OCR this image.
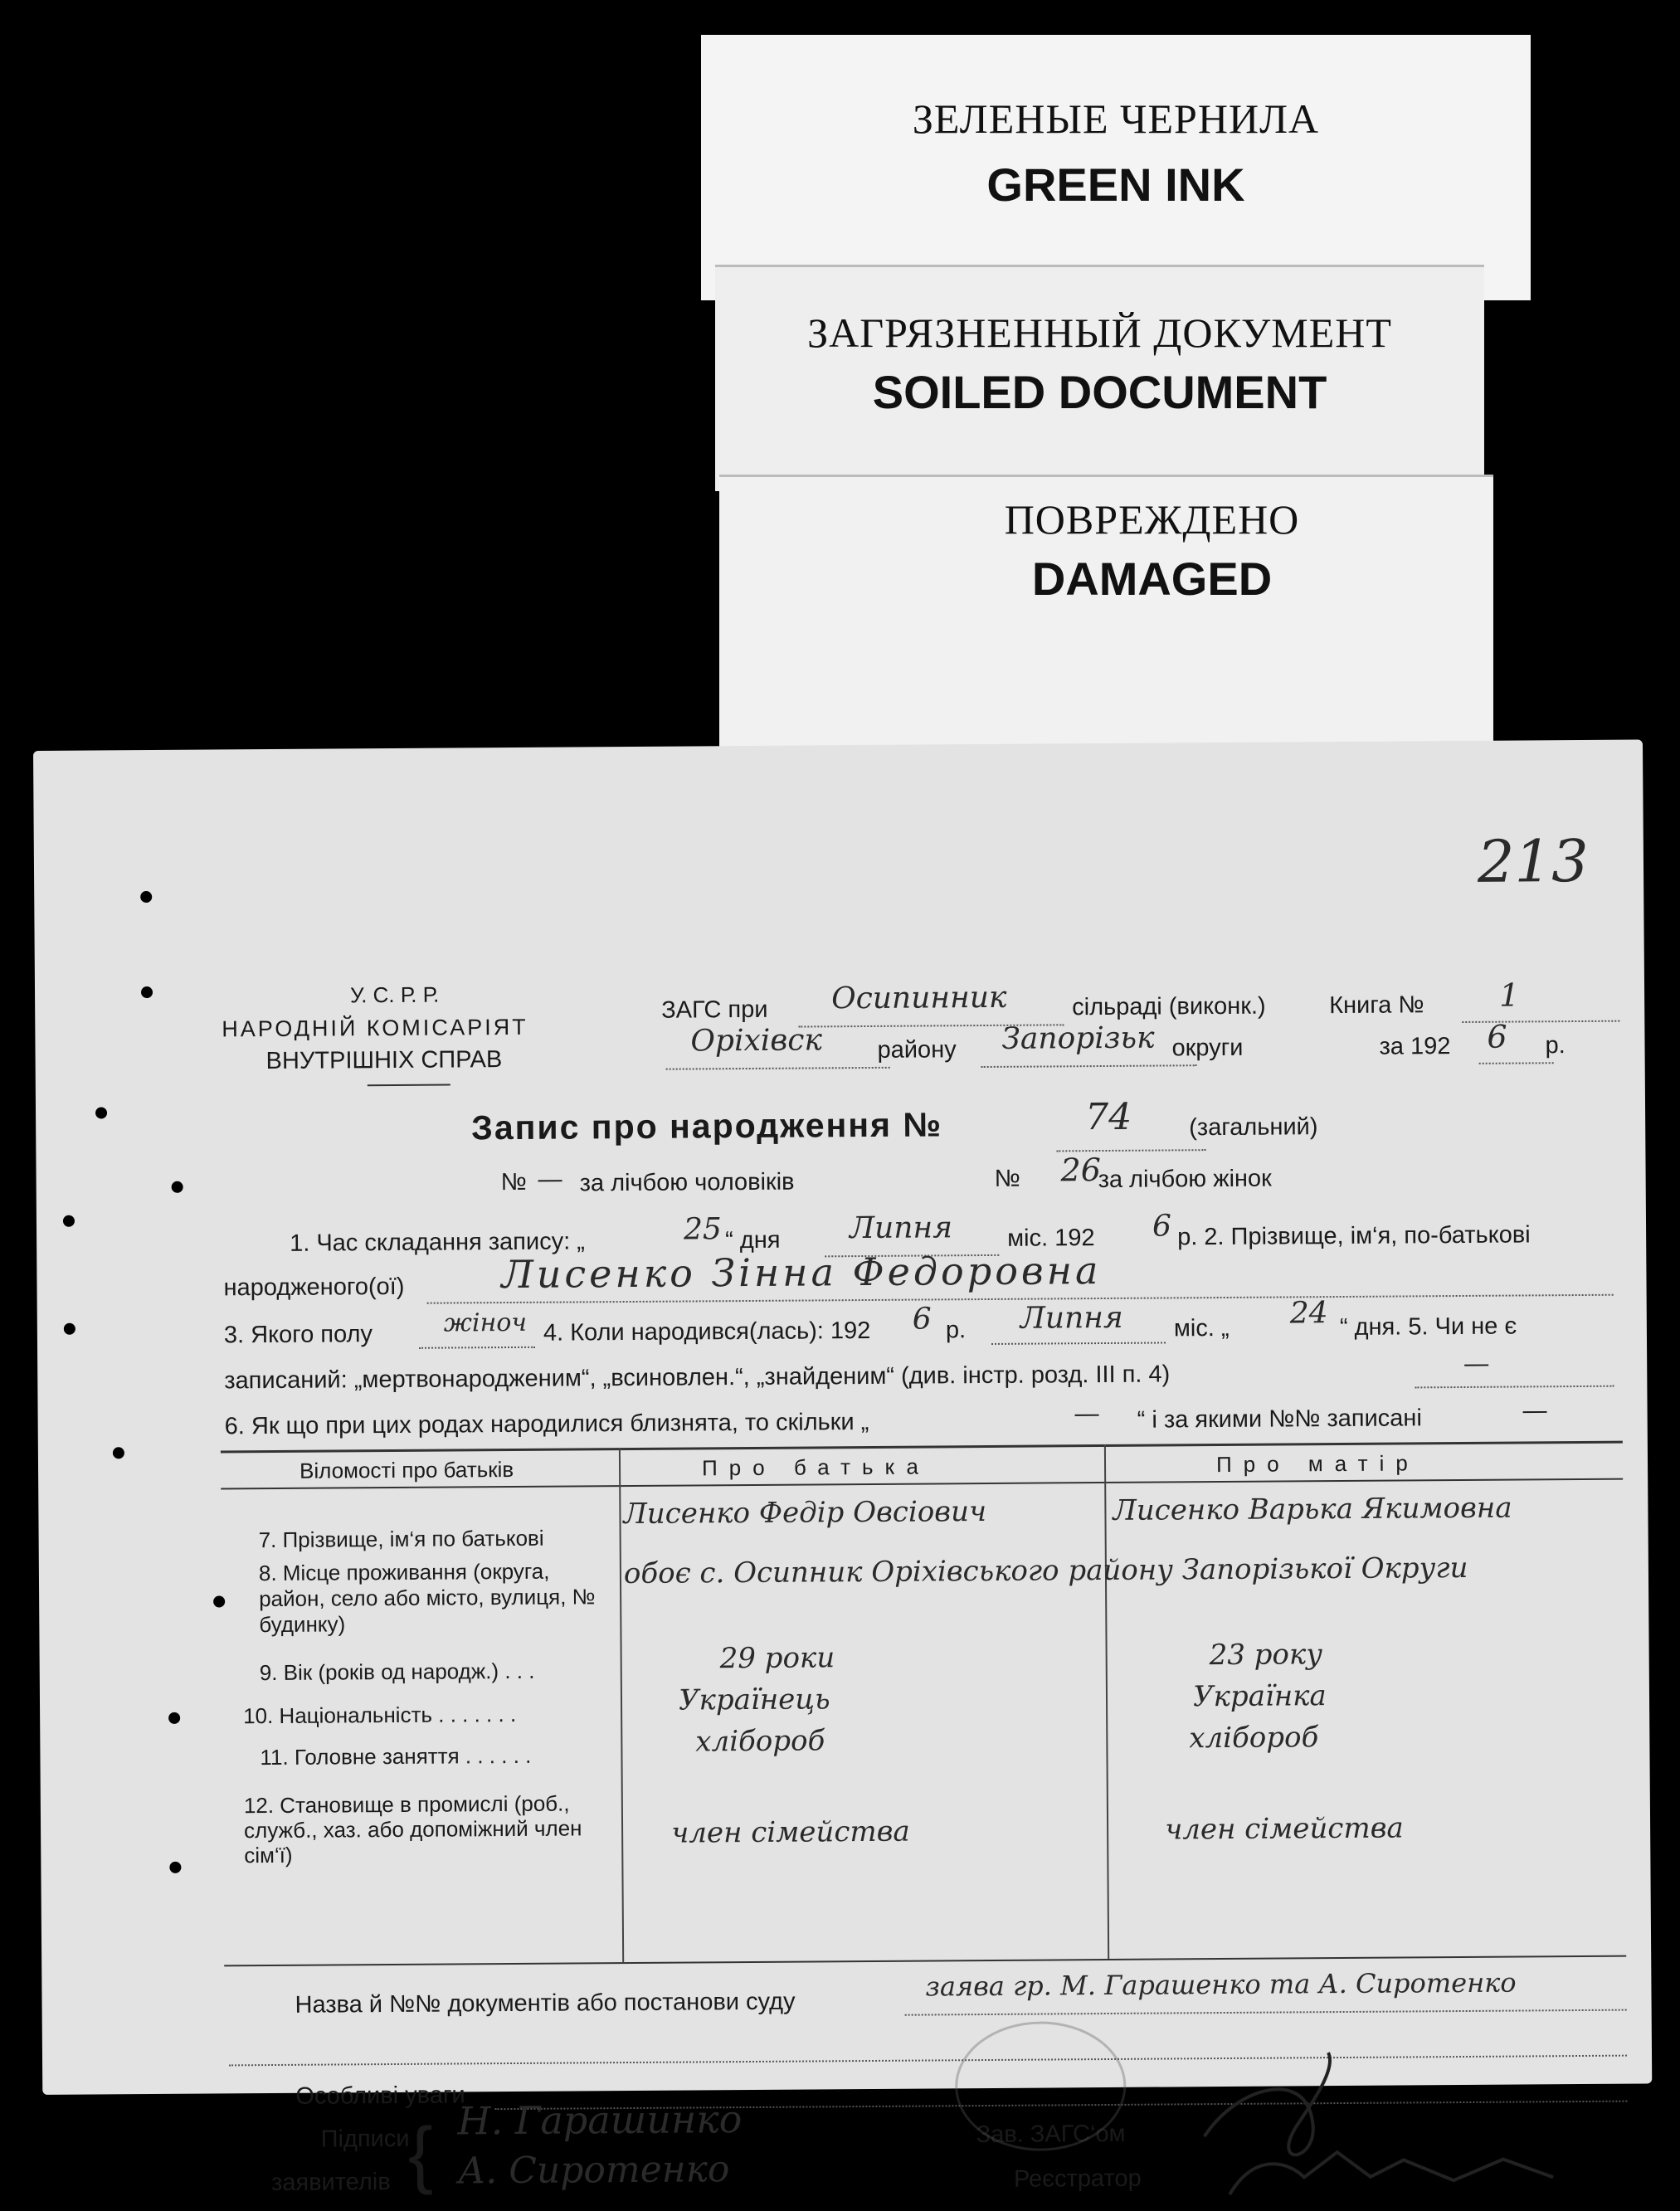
ЗЕЛЕНЫЕ ЧЕРНИЛА
GREEN INK
ЗАГРЯЗНЕННЫЙ ДОКУМЕНТ
SOILED DOCUMENT
ПОВРЕЖДЕНО
DAMAGED
213
У. С. Р. Р.
НАРОДНІЙ КОМІСАРІЯТ
ВНУТРІШНІХ СПРАВ
ЗАГС при Осипинник	сільраді (виконк.)	Книга № 1
Оріхівск району Запорізьк округи	за 192 6 р.
Запис про народження №	74 (загальний)
№ — за лічбою чоловіків	№ 26
за лічбою жінок
1. Час складання запису: „	25 “ дня Липня міс. 192 6 р. 2. Прізвище, ім‘я, по-батькові
народженого(ої)	Лисенко Зінна Федоровна
3. Якого полу	жіноч 4. Коли народився(лась): 192 6 р. Липня міс. „ 24 “ дня. 5. Чи не є
записаний: „мертвонародженим“, „всиновлен.“, „знайденим“ (див. інстр. розд. III п. 4)	—
6. Як що при цих родах народилися близнята, то скільки „	— “ і за якими №№ записані	—
Віломості про батьків	Про батька	Про матір
7. Прізвище, ім‘я по батькові
Лисенко Федір Овсіович	Лисенко Варька Якимовна
8. Місце проживання (округа, район, село або місто, вулиця, № будинку)
обоє с. Осипник Оріхівського району Запорізької Округи
9. Вік (років од народж.) . . .	29 роки	23 року
10. Національність . . . . . . .	Українець	Українка
11. Головне заняття . . . . . .	хлібороб	хлібороб
12. Становище в промислі (роб., служб., хаз. або допоміжний член сім‘ї)
член сімейства	член сімейства
Назва й №№ документів або постанови суду
заява гр. М. Гарашенко та А. Сиротенко
Особливі уваги
Підписи
заявителів { Н. Гарашинко
А. Сиротенко
Зав. ЗАГС‘ом
Реєстратор
